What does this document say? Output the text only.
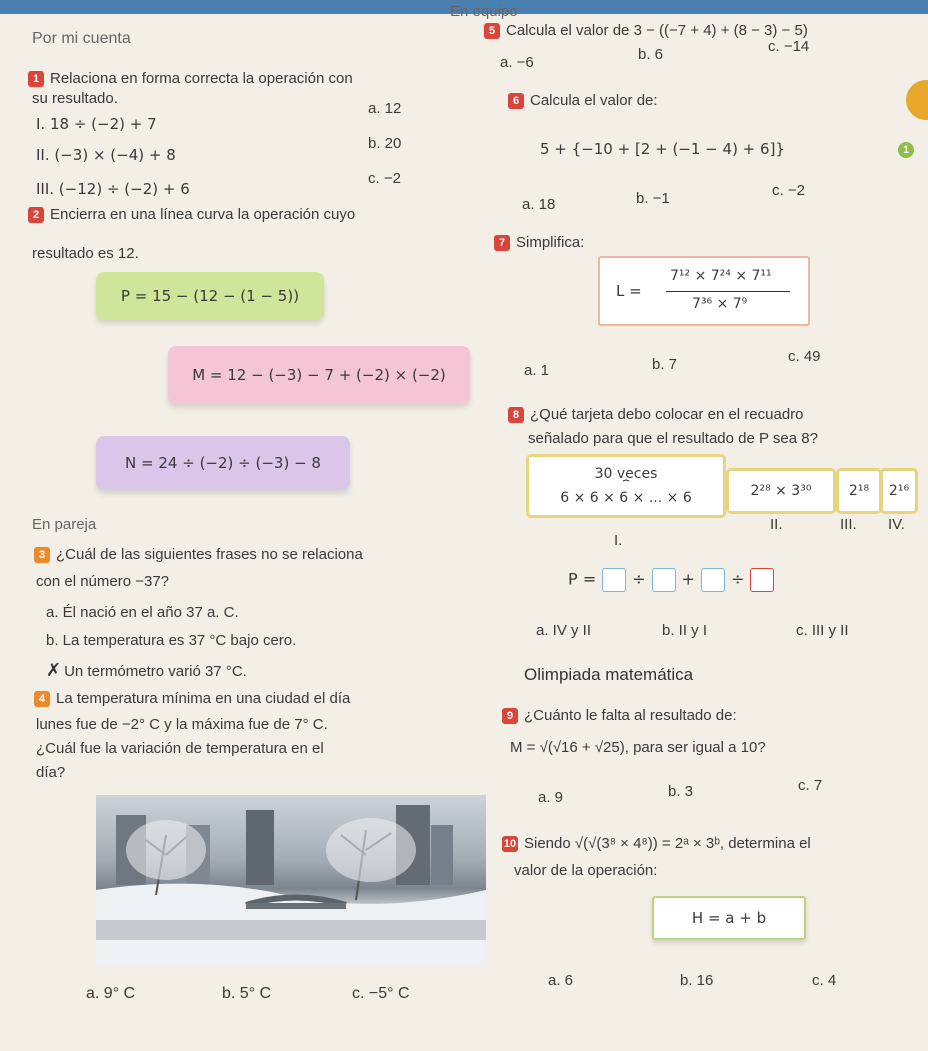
Por mi cuenta
En equipo
1 Relaciona en forma correcta la operación con
su resultado.
I. 18 ÷ (−2) + 7
II. (−3) × (−4) + 8
III. (−12) ÷ (−2) + 6
a. 12
b. 20
c. −2
2 Encierra en una línea curva la operación cuyo
resultado es 12.
P = 15 − (12 − (1 − 5))
M = 12 − (−3) − 7 + (−2) × (−2)
N = 24 ÷ (−2) ÷ (−3) − 8
En pareja
3 ¿Cuál de las siguientes frases no se relaciona
con el número −37?
a. Él nació en el año 37 a. C.
b. La temperatura es 37 °C bajo cero.
✗ Un termómetro varió 37 °C.
4 La temperatura mínima en una ciudad el día
lunes fue de −2° C y la máxima fue de 7° C.
¿Cuál fue la variación de temperatura en el
día?
a. 9° C	b. 5° C	c. −5° C
5 Calcula el valor de 3 − ((−7 + 4) + (8 − 3) − 5)
a. −6	b. 6	c. −14
6 Calcula el valor de:
5 + {−10 + [2 + (−1 − 4) + 6]}	1
a. 18	b. −1	c. −2
7 Simplifica:
L =
7¹² × 7²⁴ × 7¹¹
7³⁶ × 7⁹
a. 1	b. 7	c. 49
8 ¿Qué tarjeta debo colocar en el recuadro
señalado para que el resultado de P sea 8?
30 veces
⏞
6 × 6 × 6 × ... × 6	2²⁸ × 3³⁰	2¹⁸	2¹⁶
I.
II.	III. IV.
P = ÷ + ÷
a. IV y II	b. II y I	c. III y II
Olimpiada matemática
9 ¿Cuánto le falta al resultado de:
M = √(√16 + √25), para ser igual a 10?
a. 9	b. 3	c. 7
10 Siendo √(√(3⁸ × 4⁸)) = 2ᵃ × 3ᵇ, determina el
valor de la operación:
H = a + b
a. 6	b. 16	c. 4
